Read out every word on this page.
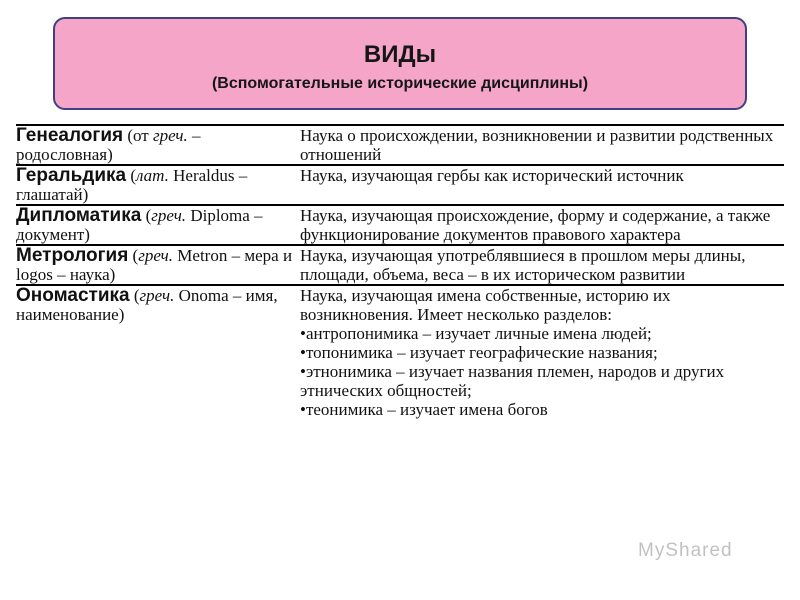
ВИДы
(Вспомогательные исторические дисциплины)
Генеалогия (от греч. – родословная)	Наука о происхождении, возникновении и развитии родственных отношений

Геральдика (лат. Heraldus – глашатай)	Наука, изучающая гербы как исторический источник

Дипломатика (греч. Diploma – документ)	Наука, изучающая происхождение, форму и содержание, а также функционирование документов правового характера

Метрология (греч. Metron – мера и logos – наука)	Наука, изучающая употреблявшиеся в прошлом меры длины, площади, объема, веса – в их историческом развитии

Ономастика (греч. Onoma – имя, наименование)	Наука, изучающая имена собственные, историю их возникновения. Имеет несколько разделов:
•антропонимика – изучает личные имена людей;
•топонимика – изучает географические названия;
•этнонимика – изучает названия племен, народов и других этнических общностей;
•теонимика – изучает имена богов
MyShared
